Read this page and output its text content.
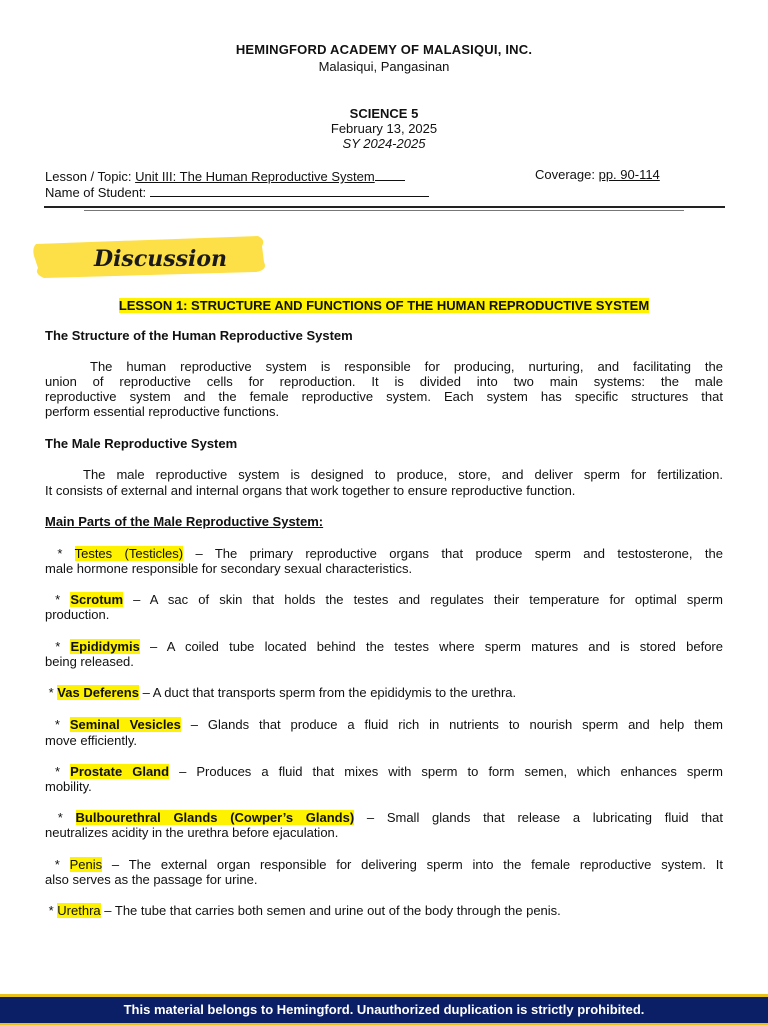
HEMINGFORD ACADEMY OF MALASIQUI, INC.
Malasiqui, Pangasinan
SCIENCE 5
February 13, 2025
SY 2024-2025
Lesson / Topic: Unit III: The Human Reproductive System	Coverage: pp. 90-114
Name of Student:
Discussion
LESSON 1: STRUCTURE AND FUNCTIONS OF THE HUMAN REPRODUCTIVE SYSTEM
The Structure of the Human Reproductive System
The human reproductive system is responsible for producing, nurturing, and facilitating the
union of reproductive cells for reproduction. It is divided into two main systems: the male
reproductive system and the female reproductive system. Each system has specific structures that
perform essential reproductive functions.
The Male Reproductive System
The male reproductive system is designed to produce, store, and deliver sperm for fertilization.
It consists of external and internal organs that work together to ensure reproductive function.
Main Parts of the Male Reproductive System:
* Testes (Testicles) – The primary reproductive organs that produce sperm and testosterone, the
male hormone responsible for secondary sexual characteristics.
* Scrotum – A sac of skin that holds the testes and regulates their temperature for optimal sperm
production.
* Epididymis – A coiled tube located behind the testes where sperm matures and is stored before
being released.
* Vas Deferens – A duct that transports sperm from the epididymis to the urethra.
* Seminal Vesicles – Glands that produce a fluid rich in nutrients to nourish sperm and help them
move efficiently.
* Prostate Gland – Produces a fluid that mixes with sperm to form semen, which enhances sperm
mobility.
* Bulbourethral Glands (Cowper’s Glands) – Small glands that release a lubricating fluid that
neutralizes acidity in the urethra before ejaculation.
* Penis – The external organ responsible for delivering sperm into the female reproductive system. It
also serves as the passage for urine.
* Urethra – The tube that carries both semen and urine out of the body through the penis.
This material belongs to Hemingford. Unauthorized duplication is strictly prohibited.
